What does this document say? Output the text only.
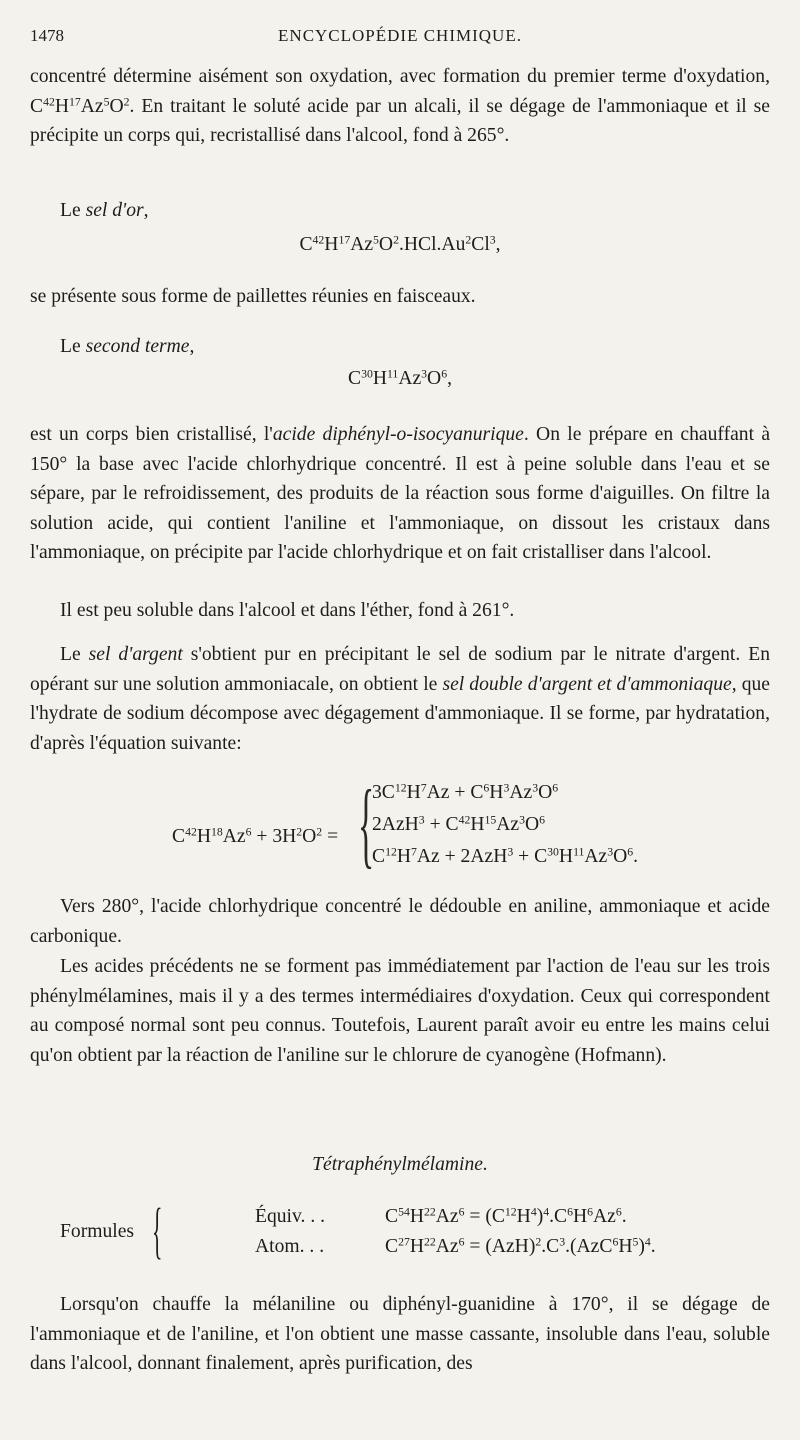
1478	ENCYCLOPÉDIE CHIMIQUE.

concentré détermine aisément son oxydation, avec formation du premier terme d'oxydation, $C^{42}H^{17}Az^5O^2$. En traitant le soluté acide par un alcali, il se dégage de l'ammoniaque et il se précipite un corps qui, recristallisé dans l'alcool, fond à 265°.

Le sel d'or,

$C^{42}H^{17}Az^5O^2.HCl.Au^2Cl^3$,

se présente sous forme de paillettes réunies en faisceaux.

Le second terme,

$C^{30}H^{11}Az^3O^6$,

est un corps bien cristallisé, l'acide diphényl-o-isocyanurique. On le prépare en chauffant à 150° la base avec l'acide chlorhydrique concentré. Il est à peine soluble dans l'eau et se sépare, par le refroidissement, des produits de la réaction sous forme d'aiguilles. On filtre la solution acide, qui contient l'aniline et l'ammoniaque, on dissout les cristaux dans l'ammoniaque, on précipite par l'acide chlorhydrique et on fait cristalliser dans l'alcool.

Il est peu soluble dans l'alcool et dans l'éther, fond à 261°.

Le sel d'argent s'obtient pur en précipitant le sel de sodium par le nitrate d'argent. En opérant sur une solution ammoniacale, on obtient le sel double d'argent et d'ammoniaque, que l'hydrate de sodium décompose avec dégagement d'ammoniaque. Il se forme, par hydratation, d'après l'équation suivante:

$C^{42}H^{18}Az^6 + 3H^2O^2$ = {
$3C^{12}H^7Az + C^6H^3Az^3O^6$
$2AzH^3 + C^{42}H^{15}Az^3O^6$
$C^{12}H^7Az + 2AzH^3 + C^{30}H^{11}Az^3O^6$.

Vers 280°, l'acide chlorhydrique concentré le dédouble en aniline, ammoniaque et acide carbonique.

Les acides précédents ne se forment pas immédiatement par l'action de l'eau sur les trois phénylmélamines, mais il y a des termes intermédiaires d'oxydation. Ceux qui correspondent au composé normal sont peu connus. Toutefois, Laurent paraît avoir eu entre les mains celui qu'on obtient par la réaction de l'aniline sur le chlorure de cyanogène (Hofmann).

Tétraphénylmélamine.
Formules {	Équiv. . .	$C^{54}H^{22}Az^6 = (C^{12}H^4)^4.C^6H^6Az^6$.
Atom. . .	$C^{27}H^{22}Az^6 = (AzH)^2.C^3.(AzC^6H^5)^4$.

Lorsqu'on chauffe la mélaniline ou diphényl-guanidine à 170°, il se dégage de l'ammoniaque et de l'aniline, et l'on obtient une masse cassante, insoluble dans l'eau, soluble dans l'alcool, donnant finalement, après purification, des
